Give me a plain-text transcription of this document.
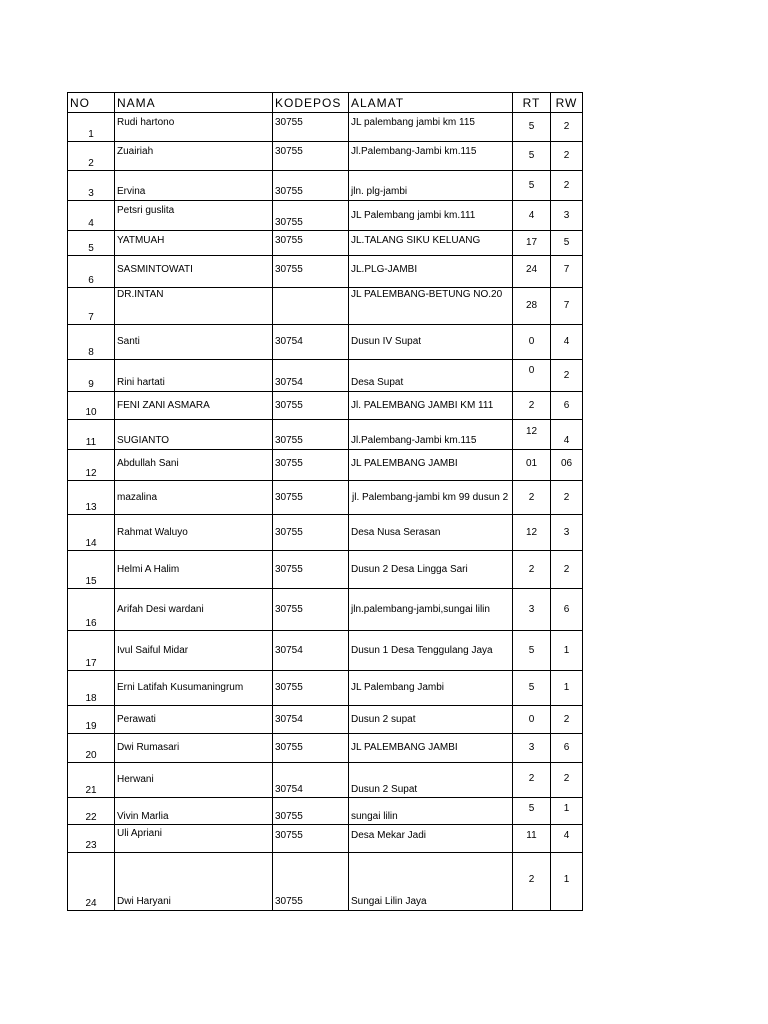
NO	NAMA	KODEPOS	ALAMAT	RT	RW
1	Rudi hartono	30755	JL palembang jambi km 115	5	2
2	Zuairiah	30755	Jl.Palembang-Jambi km.115	5	2
3	Ervina	30755	jln. plg-jambi	5	2
4	Petsri guslita	30755	JL Palembang jambi km.111	4	3
5	YATMUAH	30755	JL.TALANG SIKU KELUANG	17	5
6	SASMINTOWATI	30755	JL.PLG-JAMBI	24	7
7	DR.INTAN		JL PALEMBANG-BETUNG NO.20	28	7
8	Santi	30754	Dusun IV Supat	0	4
9	Rini hartati	30754	Desa Supat	0	2
10	FENI ZANI ASMARA	30755	Jl. PALEMBANG JAMBI KM 111	2	6
11	SUGIANTO	30755	Jl.Palembang-Jambi km.115	12	4
12	Abdullah Sani	30755	JL PALEMBANG JAMBI	01	06
13	mazalina	30755	jl. Palembang-jambi km 99 dusun 2	2	2
14	Rahmat Waluyo	30755	Desa Nusa Serasan	12	3
15	Helmi A Halim	30755	Dusun 2 Desa Lingga Sari	2	2
16	Arifah Desi wardani	30755	jln.palembang-jambi,sungai lilin	3	6
17	Ivul Saiful Midar	30754	Dusun 1 Desa Tenggulang Jaya	5	1
18	Erni Latifah Kusumaningrum	30755	JL Palembang Jambi	5	1
19	Perawati	30754	Dusun 2 supat	0	2
20	Dwi Rumasari	30755	JL PALEMBANG JAMBI	3	6
21	Herwani	30754	Dusun 2 Supat	2	2
22	Vivin Marlia	30755	sungai lilin	5	1
23	Uli Apriani	30755	Desa Mekar Jadi	11	4
24	Dwi Haryani	30755	Sungai Lilin Jaya	2	1
